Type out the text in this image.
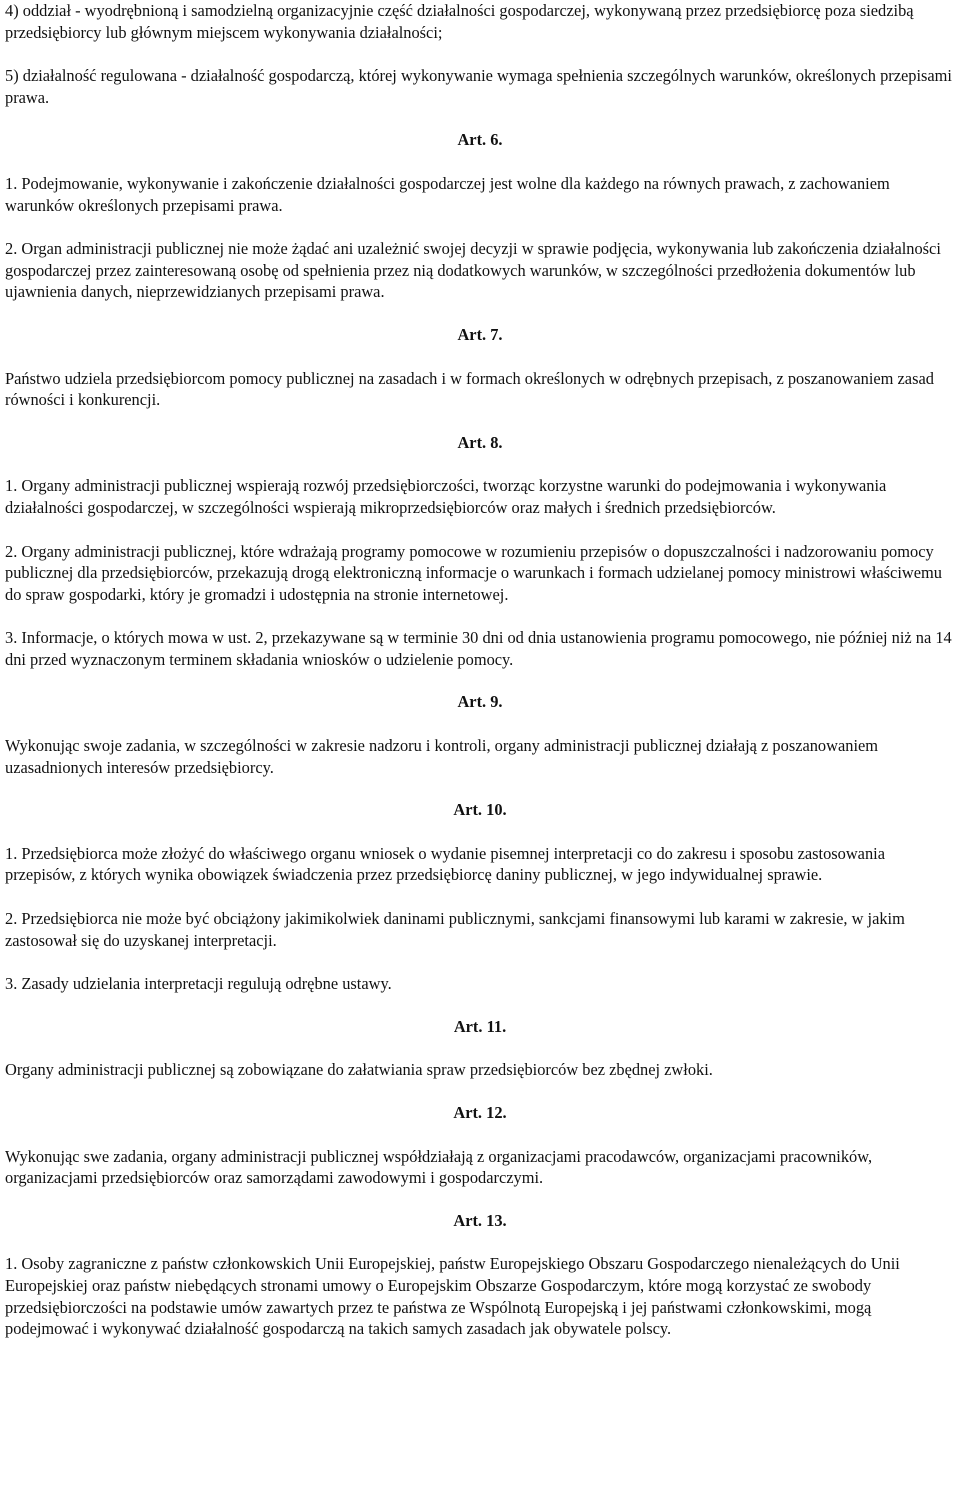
4) oddział - wyodrębnioną i samodzielną organizacyjnie część działalności gospodarczej, wykonywaną przez przedsiębiorcę poza siedzibą przedsiębiorcy lub głównym miejscem wykonywania działalności;

5) działalność regulowana - działalność gospodarczą, której wykonywanie wymaga spełnienia szczególnych warunków, określonych przepisami prawa.

Art. 6.

1. Podejmowanie, wykonywanie i zakończenie działalności gospodarczej jest wolne dla każdego na równych prawach, z zachowaniem warunków określonych przepisami prawa.

2. Organ administracji publicznej nie może żądać ani uzależnić swojej decyzji w sprawie podjęcia, wykonywania lub zakończenia działalności gospodarczej przez zainteresowaną osobę od spełnienia przez nią dodatkowych warunków, w szczególności przedłożenia dokumentów lub ujawnienia danych, nieprzewidzianych przepisami prawa.

Art. 7.

Państwo udziela przedsiębiorcom pomocy publicznej na zasadach i w formach określonych w odrębnych przepisach, z poszanowaniem zasad równości i konkurencji.

Art. 8.

1. Organy administracji publicznej wspierają rozwój przedsiębiorczości, tworząc korzystne warunki do podejmowania i wykonywania działalności gospodarczej, w szczególności wspierają mikroprzedsiębiorców oraz małych i średnich przedsiębiorców.

2. Organy administracji publicznej, które wdrażają programy pomocowe w rozumieniu przepisów o dopuszczalności i nadzorowaniu pomocy publicznej dla przedsiębiorców, przekazują drogą elektroniczną informacje o warunkach i formach udzielanej pomocy ministrowi właściwemu do spraw gospodarki, który je gromadzi i udostępnia na stronie internetowej.

3. Informacje, o których mowa w ust. 2, przekazywane są w terminie 30 dni od dnia ustanowienia programu pomocowego, nie później niż na 14 dni przed wyznaczonym terminem składania wniosków o udzielenie pomocy.

Art. 9.

Wykonując swoje zadania, w szczególności w zakresie nadzoru i kontroli, organy administracji publicznej działają z poszanowaniem uzasadnionych interesów przedsiębiorcy.

Art. 10.

1. Przedsiębiorca może złożyć do właściwego organu wniosek o wydanie pisemnej interpretacji co do zakresu i sposobu zastosowania przepisów, z których wynika obowiązek świadczenia przez przedsiębiorcę daniny publicznej, w jego indywidualnej sprawie.

2. Przedsiębiorca nie może być obciążony jakimikolwiek daninami publicznymi, sankcjami finansowymi lub karami w zakresie, w jakim zastosował się do uzyskanej interpretacji.

3. Zasady udzielania interpretacji regulują odrębne ustawy.

Art. 11.

Organy administracji publicznej są zobowiązane do załatwiania spraw przedsiębiorców bez zbędnej zwłoki.

Art. 12.

Wykonując swe zadania, organy administracji publicznej współdziałają z organizacjami pracodawców, organizacjami pracowników, organizacjami przedsiębiorców oraz samorządami zawodowymi i gospodarczymi.

Art. 13.

1. Osoby zagraniczne z państw członkowskich Unii Europejskiej, państw Europejskiego Obszaru Gospodarczego nienależących do Unii Europejskiej oraz państw niebędących stronami umowy o Europejskim Obszarze Gospodarczym, które mogą korzystać ze swobody przedsiębiorczości na podstawie umów zawartych przez te państwa ze Wspólnotą Europejską i jej państwami członkowskimi, mogą podejmować i wykonywać działalność gospodarczą na takich samych zasadach jak obywatele polscy.
